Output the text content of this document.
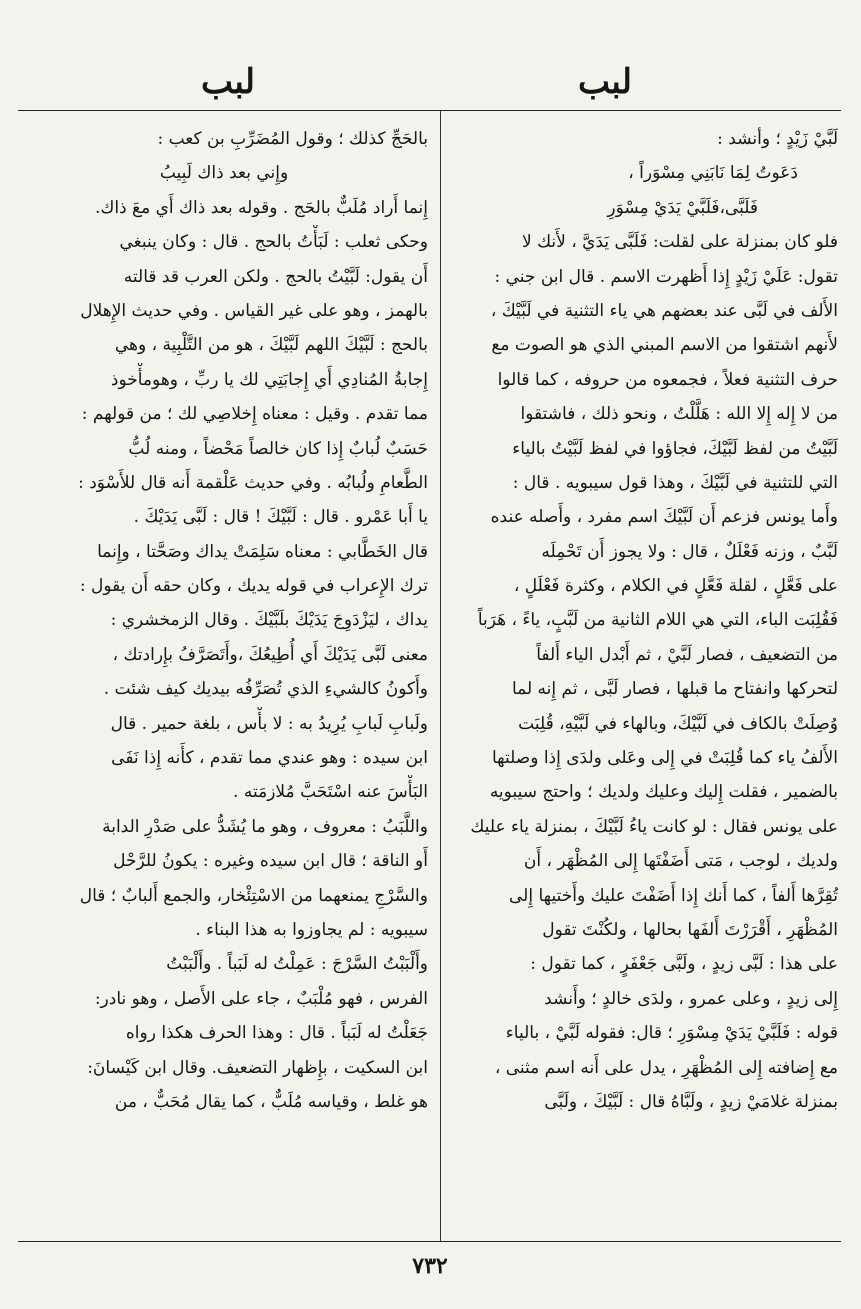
لبب
لبب
لَبَّيْ زَيْدٍ ؛ وأنشد :
دَعَوتُ لِمَا نَابَنِي مِسْوَراً ،
فَلَبَّى،فَلَبَّيْ يَدَيْ مِسْوَرِ
فلو كان بمنزلة على لقلت: فَلَبَّى يَدَيَّ ، لأَنك لا
تقول: عَلَيْ زَيْدٍ إِذا أَظهرت الاسم . قال ابن جني :
الأَلف في لَبَّى عند بعضهم هي ياء التثنية في لَبَّيْكَ ،
لأَنهم اشتقوا من الاسم المبني الذي هو الصوت مع
حرف التثنية فعلاً ، فجمعوه من حروفه ، كما قالوا
من لا إِله إِلا الله : هَلَّلْتُ ، ونحو ذلك ، فاشتقوا
لَبَّيْتُ من لفظ لَبَّيْكَ، فجاؤوا في لفظ لَبَّيْتُ بالياء
التي للتثنية في لَبَّيْكَ ، وهذا قول سيبويه . قال :
وأَما يونس فزعم أَن لَبَّيْكَ اسم مفرد ، وأَصله عنده
لَبَّبٌ ، وزنه فَعْلَلٌ ، قال : ولا يجوز أَن تَحْمِلَه
على فَعَّلٍ ، لقلة فَعَّلٍ في الكلام ، وكثرة فَعْلَلٍ ،
فَقُلِبَت الباء، التي هي اللام الثانية من لَبَّبٍ، ياءً ، هَرَباً
من التضعيف ، فصار لَبَّيْ ، ثم أَبْدل الياء أَلفاً
لتحركها وانفتاح ما قبلها ، فصار لَبَّى ، ثم إِنه لما
وُصِلَتْ بالكاف في لَبَّيْكَ، وبالهاء في لَبَّيْهِ، قُلِبَت
الأَلفُ ياء كما قُلِبَتْ في إِلى وعَلى ولدَى إِذا وصلتها
بالضمير ، فقلت إِليك وعليك ولديك ؛ واحتج سيبويه
على يونس فقال : لو كانت ياءُ لَبَّيْكَ ، بمنزلة ياء عليك
ولديك ، لوجب ، مَتى أَضَفْتَها إِلى المُظْهَر ، أَن
تُقِرَّها أَلفاً ، كما أَنك إِذا أَضَفْتَ عليك وأَختيها إِلى
المُظْهَرِ ، أَقْرَرْتَ أَلفَها بحالها ، ولكُنْتَ تقول
على هذا : لَبَّى زيدٍ ، ولَبَّى جَعْفَرٍ ، كما تقول :
إِلى زيدٍ ، وعلى عمرو ، ولدَى خالدٍ ؛ وأَنشد
قوله : فَلَبَّيْ يَدَيْ مِسْوَرِ ؛ قال: فقوله لَبَّيْ ، بالياء
مع إِضافته إِلى المُظْهَرِ ، يدل على أَنه اسم مثنى ،
بمنزلة غلامَيْ زيدٍ ، ولَبَّاهُ قال : لَبَّيْكَ ، ولَبَّى
بالحَجِّ كذلك ؛ وقول المُضَرِّبِ بن كعب :
وإِني بعد ذاك لَبِيبُ
إِنما أَراد مُلَبٌّ بالحَج . وقوله بعد ذاك أَي معَ ذاك.
وحكى ثعلب : لَبَأْتُ بالحج . قال : وكان ينبغي
أَن يقول: لَبَّيْتُ بالحج . ولكن العرب قد قالته
بالهمز ، وهو على غير القياس . وفي حديث الإِهلال
بالحج : لَبَّيْكَ اللهم لَبَّيْكَ ، هو من التَّلْبِية ، وهي
إِجابةُ المُنادِي أَي إِجابَتِي لك يا ربِّ ، وهومأْخوذ
مما تقدم . وقيل : معناه إِخلاصِي لك ؛ من قولهم :
حَسَبٌ لُبابٌ إِذا كان خالصاً مَحْضاً ، ومنه لُبُّ
الطَّعامِ ولُبابُه . وفي حديث عَلْقمة أَنه قال للأَسْوَد :
يا أَبا عَمْرو . قال : لَبَّيْكَ ! قال : لَبَّى يَدَيْكَ .
قال الخَطَّابي : معناه سَلِمَتْ يداك وصَحَّتا ، وإِنما
ترك الإِعراب في قوله يديك ، وكان حقه أَن يقول :
يداك ، ليَزْدَوِجَ يَدَيْكَ بلَبَّيْكَ . وقال الزمخشري :
معنى لَبَّى يَدَيْكَ أَي أُطِيعُكَ ،وأَتَصَرَّفُ بإِرادتك ،
وأَكونُ كالشيءِ الذي تُصَرِّفُه بيديك كيف شئت .
ولَبابِ لَبابِ يُرِيدُ به : لا بأْس ، بلغة حمير . قال
ابن سيده : وهو عندي مما تقدم ، كأَنه إِذا نَفَى
البَأْسَ عنه اسْتَحَبَّ مُلازمَته .
واللَّبَبُ : معروف ، وهو ما يُشَدُّ على صَدْرِ الدابة
أَو الناقة ؛ قال ابن سيده وغيره : يكونُ للرَّحْل
والسَّرْجِ يمنعهما من الاسْتِئْخار، والجمع أَلبابٌ ؛ قال
سيبويه : لم يجاوزوا به هذا البناء .
وأَلْبَبْتُ السَّرْجَ : عَمِلْتُ له لَبَباً . وأَلْبَبْتُ
الفرس ، فهو مُلْبَبٌ ، جاء على الأَصل ، وهو نادر:
جَعَلْتُ له لَبَباً . قال : وهذا الحرف هكذا رواه
ابن السكيت ، بإِظهار التضعيف. وقال ابن كَيْسانَ:
هو غلط ، وقياسه مُلَبٌّ ، كما يقال مُحَبٌّ ، من
٧٣٢
